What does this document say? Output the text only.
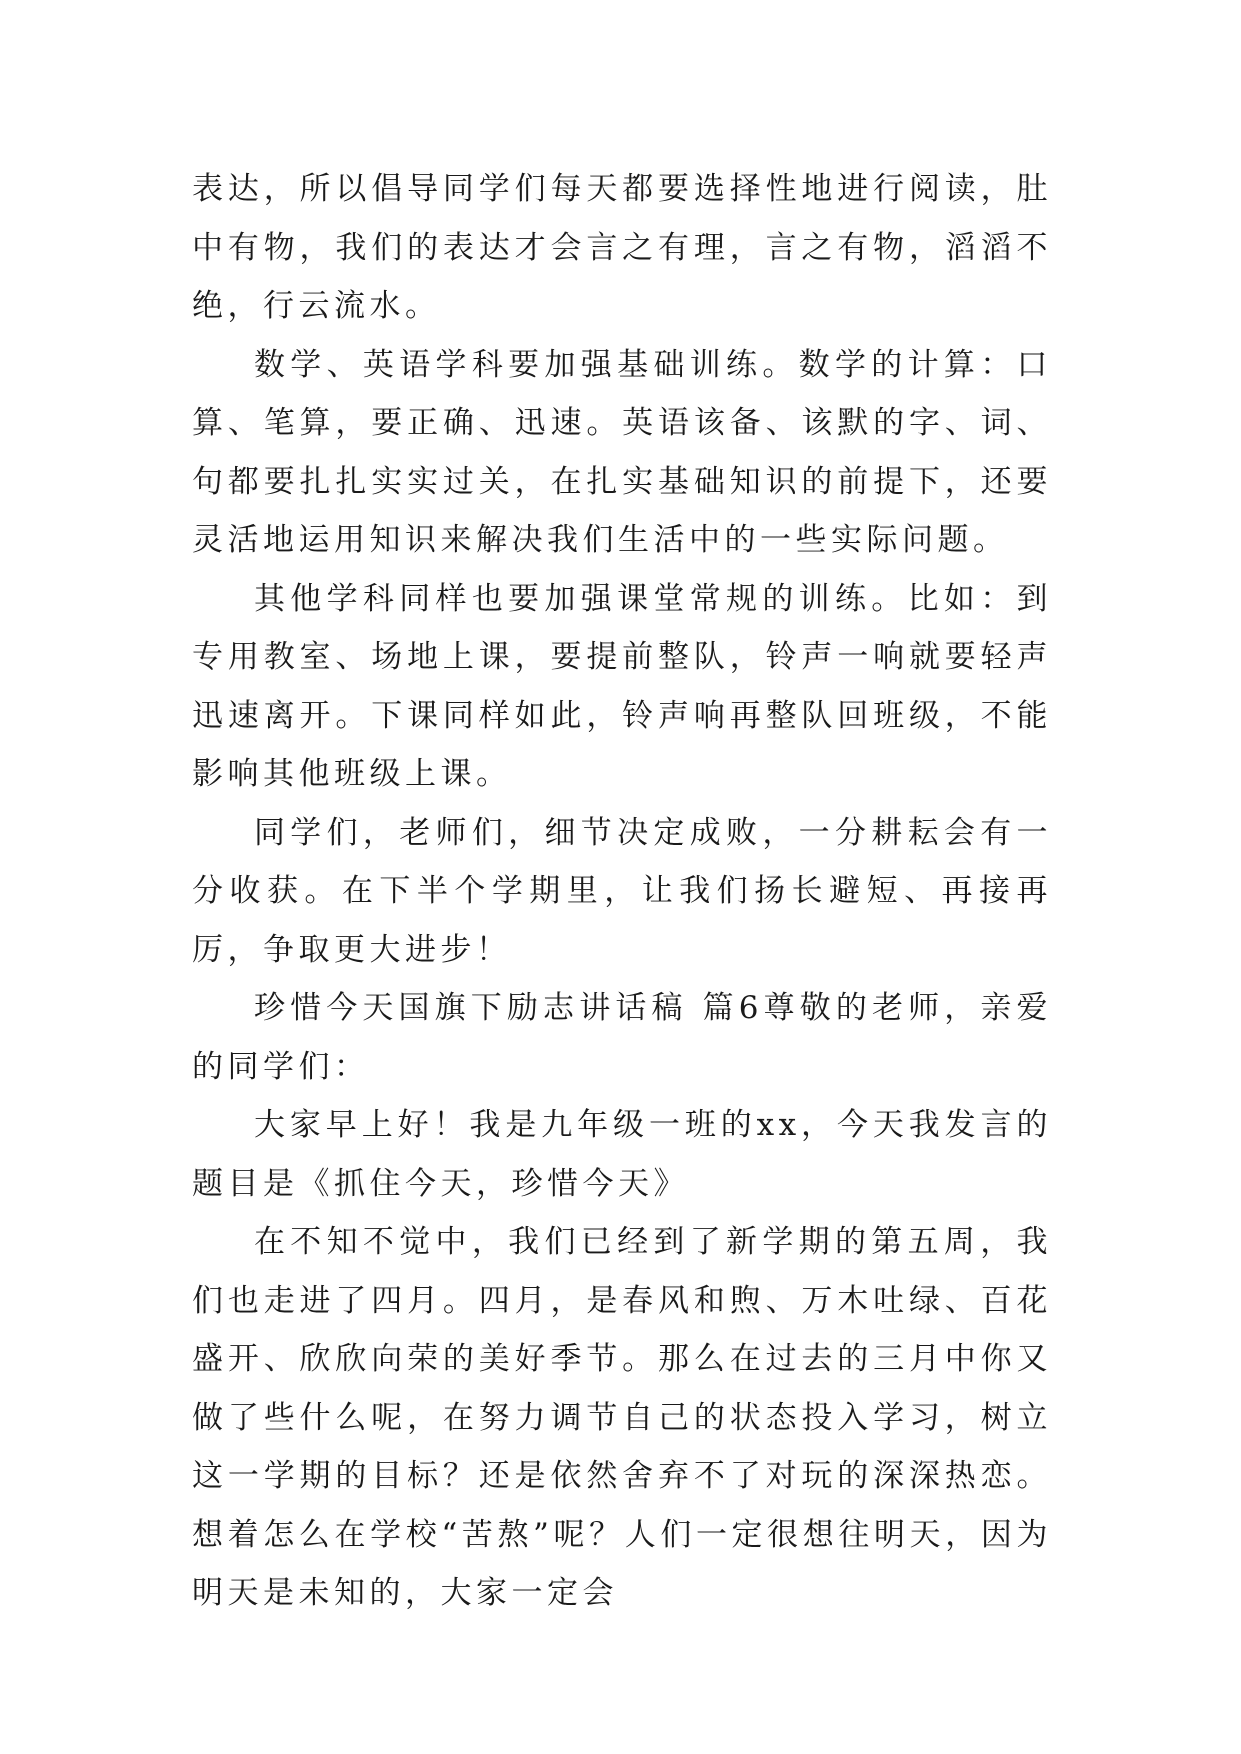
表达，所以倡导同学们每天都要选择性地进行阅读，肚中有物，我们的表达才会言之有理，言之有物，滔滔不绝，行云流水。

数学、英语学科要加强基础训练。数学的计算：口算、笔算，要正确、迅速。英语该备、该默的字、词、句都要扎扎实实过关，在扎实基础知识的前提下，还要灵活地运用知识来解决我们生活中的一些实际问题。

其他学科同样也要加强课堂常规的训练。比如：到专用教室、场地上课，要提前整队，铃声一响就要轻声迅速离开。下课同样如此，铃声响再整队回班级，不能影响其他班级上课。

同学们，老师们，细节决定成败，一分耕耘会有一分收获。在下半个学期里，让我们扬长避短、再接再厉，争取更大进步！

珍惜今天国旗下励志讲话稿 篇6尊敬的老师，亲爱的同学们：

大家早上好！我是九年级一班的xx，今天我发言的题目是《抓住今天，珍惜今天》

在不知不觉中，我们已经到了新学期的第五周，我们也走进了四月。四月，是春风和煦、万木吐绿、百花盛开、欣欣向荣的美好季节。那么在过去的三月中你又做了些什么呢，在努力调节自己的状态投入学习，树立这一学期的目标？还是依然舍弃不了对玩的深深热恋。想着怎么在学校“苦熬”呢？人们一定很想往明天，因为明天是未知的，大家一定会
